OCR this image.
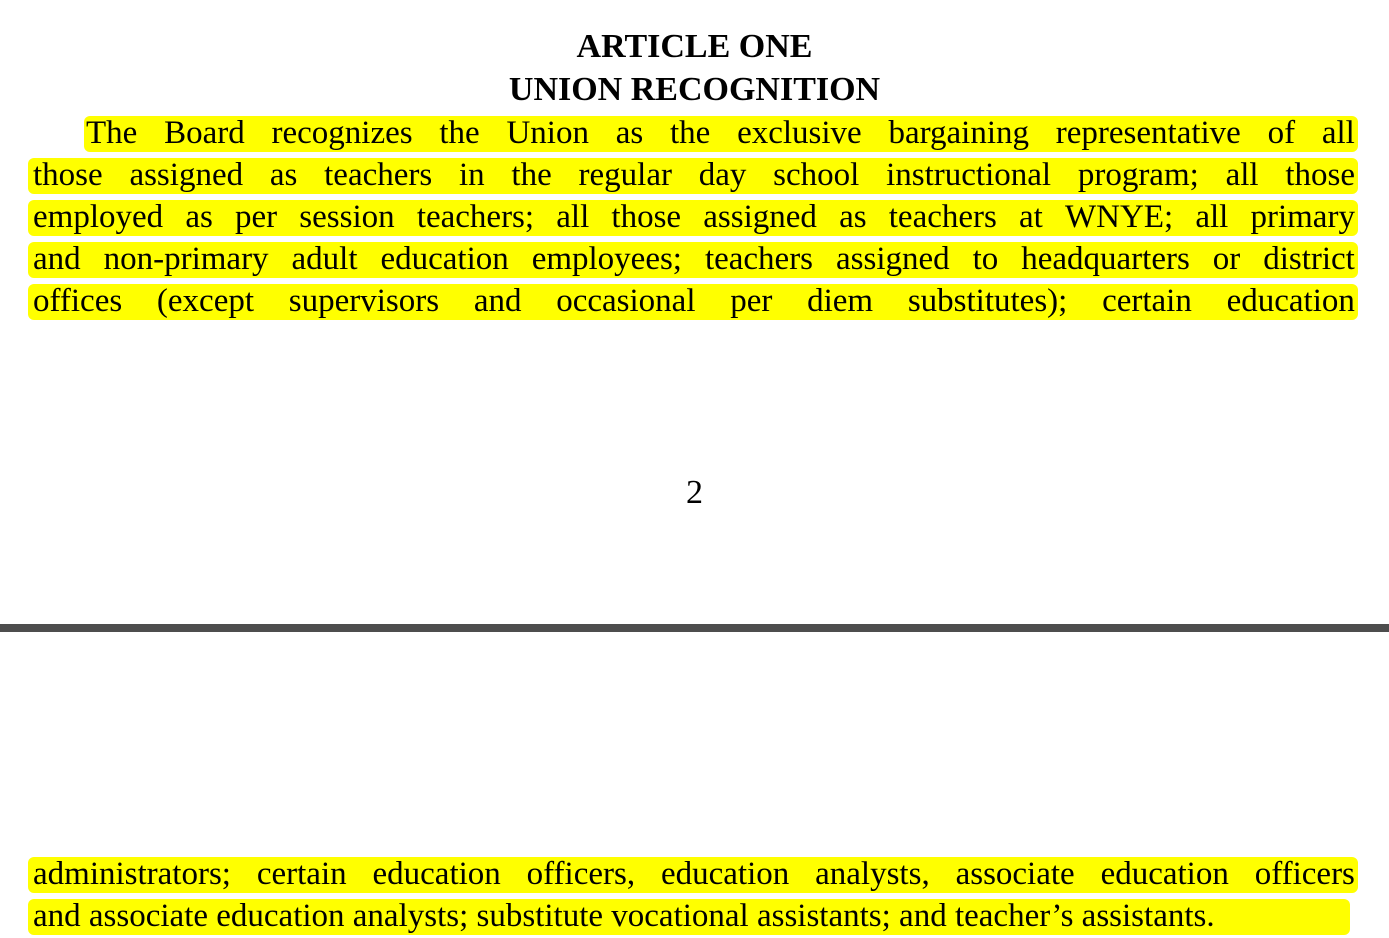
ARTICLE ONE
UNION RECOGNITION
The Board recognizes the Union as the exclusive bargaining representative of all
those assigned as teachers in the regular day school instructional program; all those
employed as per session teachers; all those assigned as teachers at WNYE; all primary
and non-primary adult education employees; teachers assigned to headquarters or district
offices (except supervisors and occasional per diem substitutes); certain education
2
administrators; certain education officers, education analysts, associate education officers
and associate education analysts; substitute vocational assistants; and teacher’s assistants.
